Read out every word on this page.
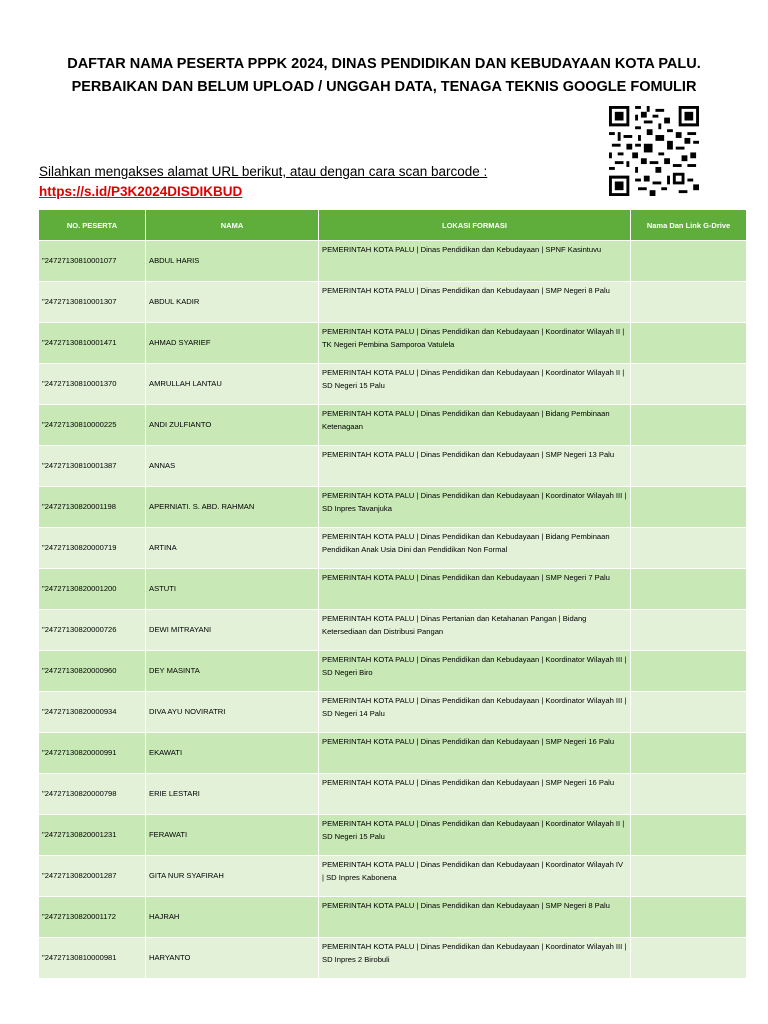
DAFTAR NAMA PESERTA PPPK 2024, DINAS PENDIDIKAN DAN KEBUDAYAAN KOTA PALU.
PERBAIKAN DAN BELUM UPLOAD / UNGGAH DATA, TENAGA TEKNIS GOOGLE FOMULIR
Silahkan mengakses alamat URL berikut, atau dengan cara scan barcode :
https://s.id/P3K2024DISDIKBUD
NO. PESERTA	NAMA	LOKASI FORMASI	Nama Dan Link G-Drive
"24727130810001077	ABDUL HARIS	PEMERINTAH KOTA PALU | Dinas Pendidikan dan Kebudayaan | SPNF Kasintuvu	
"24727130810001307	ABDUL KADIR	PEMERINTAH KOTA PALU | Dinas Pendidikan dan Kebudayaan | SMP Negeri 8 Palu	
"24727130810001471	AHMAD SYARIEF	PEMERINTAH KOTA PALU | Dinas Pendidikan dan Kebudayaan | Koordinator Wilayah II | TK Negeri Pembina Samporoa Vatulela	
"24727130810001370	AMRULLAH LANTAU	PEMERINTAH KOTA PALU | Dinas Pendidikan dan Kebudayaan | Koordinator Wilayah II | SD Negeri 15 Palu	
"24727130810000225	ANDI ZULFIANTO	PEMERINTAH KOTA PALU | Dinas Pendidikan dan Kebudayaan | Bidang Pembinaan Ketenagaan	
"24727130810001387	ANNAS	PEMERINTAH KOTA PALU | Dinas Pendidikan dan Kebudayaan | SMP Negeri 13 Palu	
"24727130820001198	APERNIATI. S. ABD. RAHMAN	PEMERINTAH KOTA PALU | Dinas Pendidikan dan Kebudayaan | Koordinator Wilayah III | SD Inpres Tavanjuka	
"24727130820000719	ARTINA	PEMERINTAH KOTA PALU | Dinas Pendidikan dan Kebudayaan | Bidang Pembinaan Pendidikan Anak Usia Dini dan Pendidikan Non Formal	
"24727130820001200	ASTUTI	PEMERINTAH KOTA PALU | Dinas Pendidikan dan Kebudayaan | SMP Negeri 7 Palu	
"24727130820000726	DEWI MITRAYANI	PEMERINTAH KOTA PALU | Dinas Pertanian dan Ketahanan Pangan | Bidang Ketersediaan dan Distribusi Pangan	
"24727130820000960	DEY MASINTA	PEMERINTAH KOTA PALU | Dinas Pendidikan dan Kebudayaan | Koordinator Wilayah III | SD Negeri Biro	
"24727130820000934	DIVA AYU NOVIRATRI	PEMERINTAH KOTA PALU | Dinas Pendidikan dan Kebudayaan | Koordinator Wilayah III | SD Negeri 14 Palu	
"24727130820000991	EKAWATI	PEMERINTAH KOTA PALU | Dinas Pendidikan dan Kebudayaan | SMP Negeri 16 Palu	
"24727130820000798	ERIE LESTARI	PEMERINTAH KOTA PALU | Dinas Pendidikan dan Kebudayaan | SMP Negeri 16 Palu	
"24727130820001231	FERAWATI	PEMERINTAH KOTA PALU | Dinas Pendidikan dan Kebudayaan | Koordinator Wilayah II | SD Negeri 15 Palu	
"24727130820001287	GITA NUR SYAFIRAH	PEMERINTAH KOTA PALU | Dinas Pendidikan dan Kebudayaan | Koordinator Wilayah IV | SD Inpres Kabonena	
"24727130820001172	HAJRAH	PEMERINTAH KOTA PALU | Dinas Pendidikan dan Kebudayaan | SMP Negeri 8 Palu	
"24727130810000981	HARYANTO	PEMERINTAH KOTA PALU | Dinas Pendidikan dan Kebudayaan | Koordinator Wilayah III | SD Inpres 2 Birobuli	
